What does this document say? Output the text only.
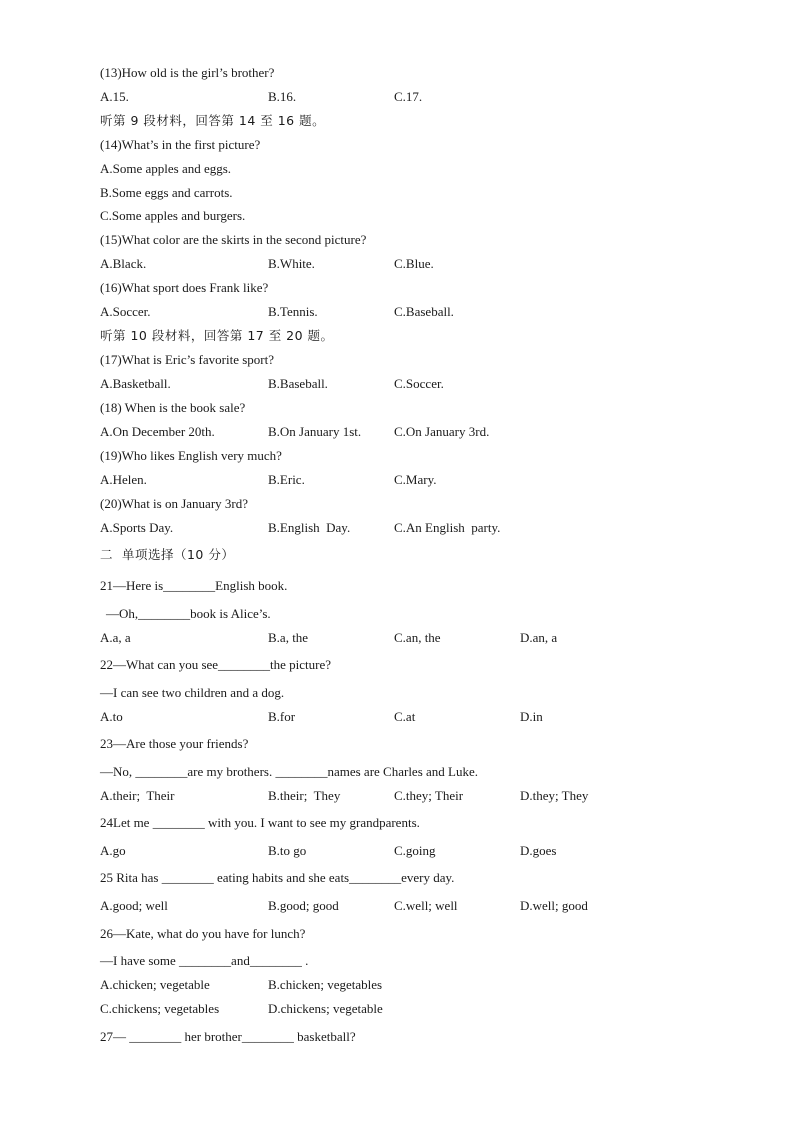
(13)How old is the girl’s brother?
A.15.	B.16.	C.17.
听第 9 段材料，回答第 14 至 16 题。
(14)What’s in the first picture?
A.Some apples and eggs.
B.Some eggs and carrots.
C.Some apples and burgers.
(15)What color are the skirts in the second picture?
A.Black.	B.White.	C.Blue.
(16)What sport does Frank like?
A.Soccer.	B.Tennis.	C.Baseball.
听第 10 段材料，回答第 17 至 20 题。
(17)What is Eric’s favorite sport?
A.Basketball.	B.Baseball.	C.Soccer.
(18) When is the book sale?
A.On December 20th.	B.On January 1st.	C.On January 3rd.
(19)Who likes English very much?
A.Helen.	B.Eric.	C.Mary.
(20)What is on January 3rd?
A.Sports Day.	B.English  Day.	C.An English  party.
二  单项选择（10 分）
21—Here is________English book.
—Oh,________book is Alice’s.
A.a, a	B.a, the	C.an, the	D.an, a
22—What can you see________the picture?
—I can see two children and a dog.
A.to	B.for	C.at	D.in
23—Are those your friends?
—No, ________are my brothers. ________names are Charles and Luke.
A.their;  Their	B.their;  They	C.they; Their	D.they; They
24Let me ________ with you. I want to see my grandparents.
A.go	B.to go	C.going	D.goes
25 Rita has ________ eating habits and she eats________every day.
A.good; well	B.good; good	C.well; well	D.well; good
26—Kate, what do you have for lunch?
—I have some ________and________ .
A.chicken; vegetable	B.chicken; vegetables
C.chickens; vegetables	D.chickens; vegetable
27— ________ her brother________ basketball?
